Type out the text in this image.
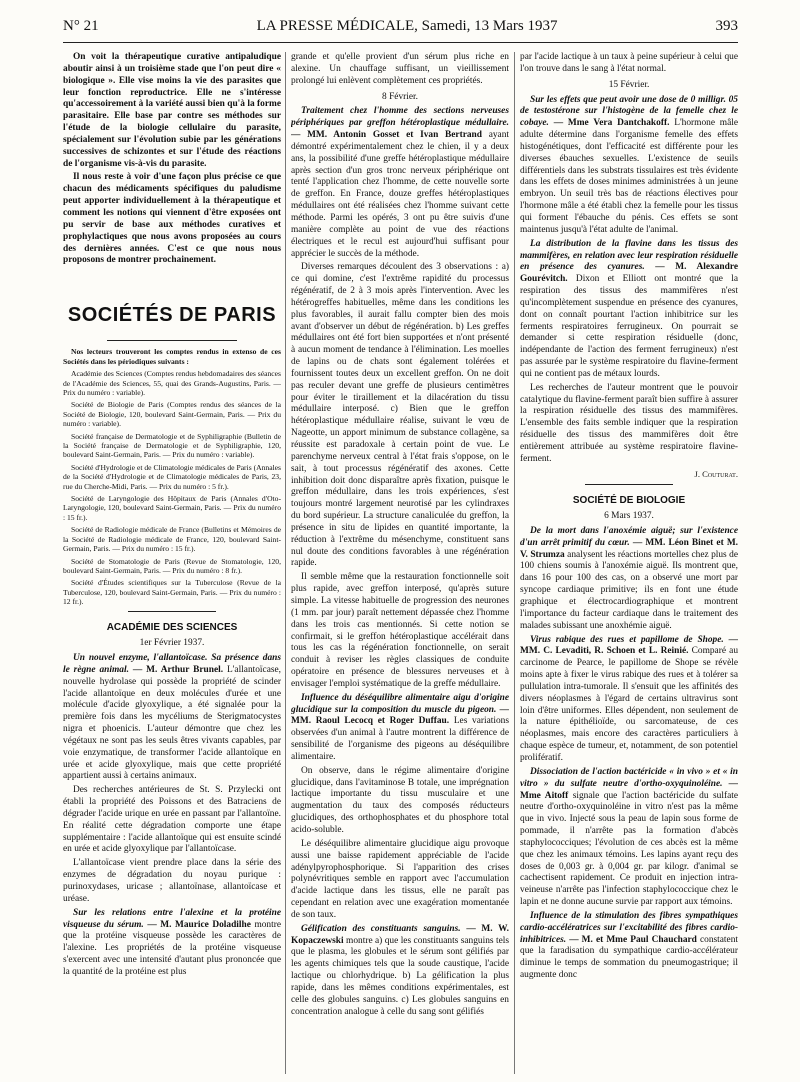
N° 21	LA PRESSE MÉDICALE, Samedi, 13 Mars 1937	393

On voit la thérapeutique curative antipaludique aboutir ainsi à un troisième stade que l'on peut dire « biologique ». Elle vise moins la vie des parasites que leur fonction reproductrice. Elle ne s'intéresse qu'accessoirement à la variété aussi bien qu'à la forme parasitaire. Elle base par contre ses méthodes sur l'étude de la biologie cellulaire du parasite, spécialement sur l'évolution subie par les générations successives de schizontes et sur l'étude des réactions de l'organisme vis-à-vis du parasite.

Il nous reste à voir d'une façon plus précise ce que chacun des médicaments spécifiques du paludisme peut apporter individuellement à la thérapeutique et comment les notions qui viennent d'être exposées ont pu servir de base aux méthodes curatives et prophylactiques que nous avons proposées au cours des dernières années. C'est ce que nous nous proposons de montrer prochainement.

SOCIÉTÉS DE PARIS

Nos lecteurs trouveront les comptes rendus in extenso de ces Sociétés dans les périodiques suivants :

Académie des Sciences (Comptes rendus hebdomadaires des séances de l'Académie des Sciences, 55, quai des Grands-Augustins, Paris. — Prix du numéro : variable).

Société de Biologie de Paris (Comptes rendus des séances de la Société de Biologie, 120, boulevard Saint-Germain, Paris. — Prix du numéro : variable).

Société française de Dermatologie et de Syphiligraphie (Bulletin de la Société française de Dermatologie et de Syphiligraphie, 120, boulevard Saint-Germain, Paris. — Prix du numéro : variable).

Société d'Hydrologie et de Climatologie médicales de Paris (Annales de la Société d'Hydrologie et de Climatologie médicales de Paris, 23, rue du Cherche-Midi, Paris. — Prix du numéro : 5 fr.).

Société de Laryngologie des Hôpitaux de Paris (Annales d'Oto-Laryngologie, 120, boulevard Saint-Germain, Paris. — Prix du numéro : 15 fr.).

Société de Radiologie médicale de France (Bulletins et Mémoires de la Société de Radiologie médicale de France, 120, boulevard Saint-Germain, Paris. — Prix du numéro : 15 fr.).

Société de Stomatologie de Paris (Revue de Stomatologie, 120, boulevard Saint-Germain, Paris. — Prix du numéro : 8 fr.).

Société d'Études scientifiques sur la Tuberculose (Revue de la Tuberculose, 120, boulevard Saint-Germain, Paris. — Prix du numéro : 12 fr.).

ACADÉMIE DES SCIENCES
1er Février 1937.

Un nouvel enzyme, l'allantoïcase. Sa présence dans le règne animal. — M. Arthur Brunel. L'allantoïcase, nouvelle hydrolase qui possède la propriété de scinder l'acide allantoïque en deux molécules d'urée et une molécule d'acide glyoxylique, a été signalée pour la première fois dans les mycéliums de Sterigmatocystes nigra et phoenicis. L'auteur démontre que chez les végétaux ne sont pas les seuls êtres vivants capables, par voie enzymatique, de transformer l'acide allantoïque en urée et acide glyoxylique, mais que cette propriété appartient aussi à certains animaux.

Des recherches antérieures de St. S. Przylecki ont établi la propriété des Poissons et des Batraciens de dégrader l'acide urique en urée en passant par l'allantoïne. En réalité cette dégradation comporte une étape supplémentaire : l'acide allantoïque qui est ensuite scindé en urée et acide glyoxylique par l'allantoïcase.

L'allantoïcase vient prendre place dans la série des enzymes de dégradation du noyau purique : purinoxydases, uricase ; allantoïnase, allantoïcase et uréase.

Sur les relations entre l'alexine et la protéine visqueuse du sérum. — M. Maurice Doladilhe montre que la protéine visqueuse possède les caractères de l'alexine. Les propriétés de la protéine visqueuse s'exercent avec une intensité d'autant plus prononcée que la quantité de la protéine est plus

grande et qu'elle provient d'un sérum plus riche en alexine. Un chauffage suffisant, un vieillissement prolongé lui enlèvent complètement ces propriétés.

8 Février.

Traitement chez l'homme des sections nerveuses périphériques par greffon hétéroplastique médullaire. — MM. Antonin Gosset et Ivan Bertrand ayant démontré expérimentalement chez le chien, il y a deux ans, la possibilité d'une greffe hétéroplastique médullaire après section d'un gros tronc nerveux périphérique ont tenté l'application chez l'homme, de cette nouvelle sorte de greffon. En France, douze greffes hétéroplastiques médullaires ont été réalisées chez l'homme suivant cette méthode. Parmi les opérés, 3 ont pu être suivis d'une manière complète au point de vue des réactions électriques et le recul est aujourd'hui suffisant pour apprécier le succès de la méthode.

Diverses remarques découlent des 3 observations : a) ce qui domine, c'est l'extrême rapidité du processus régénératif, de 2 à 3 mois après l'intervention. Avec les hétérogreffes habituelles, même dans les conditions les plus favorables, il aurait fallu compter bien des mois avant d'observer un début de régénération. b) Les greffes médullaires ont été fort bien supportées et n'ont présenté à aucun moment de tendance à l'élimination. Les moelles de lapins ou de chats sont également tolérées et fournissent toutes deux un excellent greffon. On ne doit pas reculer devant une greffe de plusieurs centimètres pour éviter le tiraillement et la dilacération du tissu médullaire interposé. c) Bien que le greffon hétéroplastique médullaire réalise, suivant le vœu de Nageotte, un apport minimum de substance collagène, sa réussite est paradoxale à certain point de vue. Le parenchyme nerveux central à l'état frais s'oppose, on le sait, à tout processus régénératif des axones. Cette inhibition doit donc disparaître après fixation, puisque le greffon médullaire, dans les trois expériences, s'est toujours montré largement neurotisé par les cylindraxes du bord supérieur. La structure canaliculée du greffon, la présence in situ de lipides en quantité importante, la réduction à l'extrême du mésenchyme, constituent sans nul doute des conditions favorables à une régénération rapide.

Il semble même que la restauration fonctionnelle soit plus rapide, avec greffon interposé, qu'après suture simple. La vitesse habituelle de progression des neurones (1 mm. par jour) paraît nettement dépassée chez l'homme dans les trois cas mentionnés. Si cette notion se confirmait, si le greffon hétéroplastique accélérait dans tous les cas la régénération fonctionnelle, on serait conduit à reviser les règles classiques de conduite opératoire en présence de blessures nerveuses et à envisager l'emploi systématique de la greffe médullaire.

Influence du déséquilibre alimentaire aigu d'origine glucidique sur la composition du muscle du pigeon. — MM. Raoul Lecocq et Roger Duffau. Les variations observées d'un animal à l'autre montrent la différence de sensibilité de l'organisme des pigeons au déséquilibre alimentaire.

On observe, dans le régime alimentaire d'origine glucidique, dans l'avitaminose B totale, une imprégnation lactique importante du tissu musculaire et une augmentation du taux des composés réducteurs glucidiques, des orthophosphates et du phosphore total acido-soluble.

Le déséquilibre alimentaire glucidique aigu provoque aussi une baisse rapidement appréciable de l'acide adénylpyrophosphorique. Si l'apparition des crises polynévritiques semble en rapport avec l'accumulation d'acide lactique dans les tissus, elle ne paraît pas cependant en relation avec une exagération momentanée de son taux.

Gélification des constituants sanguins. — M. W. Kopaczewski montre a) que les constituants sanguins tels que le plasma, les globules et le sérum sont gélifiés par les agents chimiques tels que la soude caustique, l'acide lactique ou chlorhydrique. b) La gélification la plus rapide, dans les mêmes conditions expérimentales, est celle des globules sanguins. c) Les globules sanguins en concentration analogue à celle du sang sont gélifiés

par l'acide lactique à un taux à peine supérieur à celui que l'on trouve dans le sang à l'état normal.

15 Février.

Sur les effets que peut avoir une dose de 0 milligr. 05 de testostérone sur l'histogène de la femelle chez le cobaye. — Mme Vera Dantchakoff. L'hormone mâle adulte détermine dans l'organisme femelle des effets histogénétiques, dont l'efficacité est différente pour les diverses ébauches sexuelles. L'existence de seuils différentiels dans les substrats tissulaires est très évidente dans les effets de doses minimes administrées à un jeune embryon. Un seuil très bas de réactions électives pour l'hormone mâle a été établi chez la femelle pour les tissus qui forment l'ébauche du pénis. Ces effets se sont maintenus jusqu'à l'état adulte de l'animal.

La distribution de la flavine dans les tissus des mammifères, en relation avec leur respiration résiduelle en présence des cyanures. — M. Alexandre Gourévitch. Dixon et Elliott ont montré que la respiration des tissus des mammifères n'est qu'incomplètement suspendue en présence des cyanures, dont on connaît pourtant l'action inhibitrice sur les ferments respiratoires ferrugineux. On pourrait se demander si cette respiration résiduelle (donc, indépendante de l'action des ferment ferrugineux) n'est pas assurée par le système respiratoire du flavine-ferment qui ne contient pas de métaux lourds.

Les recherches de l'auteur montrent que le pouvoir catalytique du flavine-ferment paraît bien suffire à assurer la respiration résiduelle des tissus des mammifères. L'ensemble des faits semble indiquer que la respiration résiduelle des tissus des mammifères doit être entièrement attribuée au système respiratoire flavine-ferment.

J. Couturat.

SOCIÉTÉ DE BIOLOGIE
6 Mars 1937.

De la mort dans l'anoxémie aiguë; sur l'existence d'un arrêt primitif du cœur. — MM. Léon Binet et M. V. Strumza analysent les réactions mortelles chez plus de 100 chiens soumis à l'anoxémie aiguë. Ils montrent que, dans 16 pour 100 des cas, on a observé une mort par syncope cardiaque primitive; ils en font une étude graphique et électrocardiographique et montrent l'importance du facteur cardiaque dans le traitement des malades subissant une anoxhémie aiguë.

Virus rabique des rues et papillome de Shope. — MM. C. Levaditi, R. Schoen et L. Reinié. Comparé au carcinome de Pearce, le papillome de Shope se révèle moins apte à fixer le virus rabique des rues et à tolérer sa pullulation intra-tumorale. Il s'ensuit que les affinités des divers néoplasmes à l'égard de certains ultravirus sont loin d'être uniformes. Elles dépendent, non seulement de la nature épithélioïde, ou sarcomateuse, de ces néoplasmes, mais encore des caractères particuliers à chaque espèce de tumeur, et, notamment, de son potentiel prolifératif.

Dissociation de l'action bactéricide « in vivo » et « in vitro » du sulfate neutre d'ortho-oxyquinoléine. — Mme Aitoff signale que l'action bactéricide du sulfate neutre d'ortho-oxyquinoléine in vitro n'est pas la même que in vivo. Injecté sous la peau de lapin sous forme de pommade, il n'arrête pas la formation d'abcès staphylococciques; l'évolution de ces abcès est la même que chez les animaux témoins. Les lapins ayant reçu des doses de 0,003 gr. à 0,004 gr. par kilogr. d'animal se cachectisent rapidement. Ce produit en injection intra-veineuse n'arrête pas l'infection staphylococcique chez le lapin et ne donne aucune survie par rapport aux témoins.

Influence de la stimulation des fibres sympathiques cardio-accélératrices sur l'excitabilité des fibres cardio-inhibitrices. — M. et Mme Paul Chauchard constatent que la faradisation du sympathique cardio-accélérateur diminue le temps de sommation du pneumogastrique; il augmente donc
